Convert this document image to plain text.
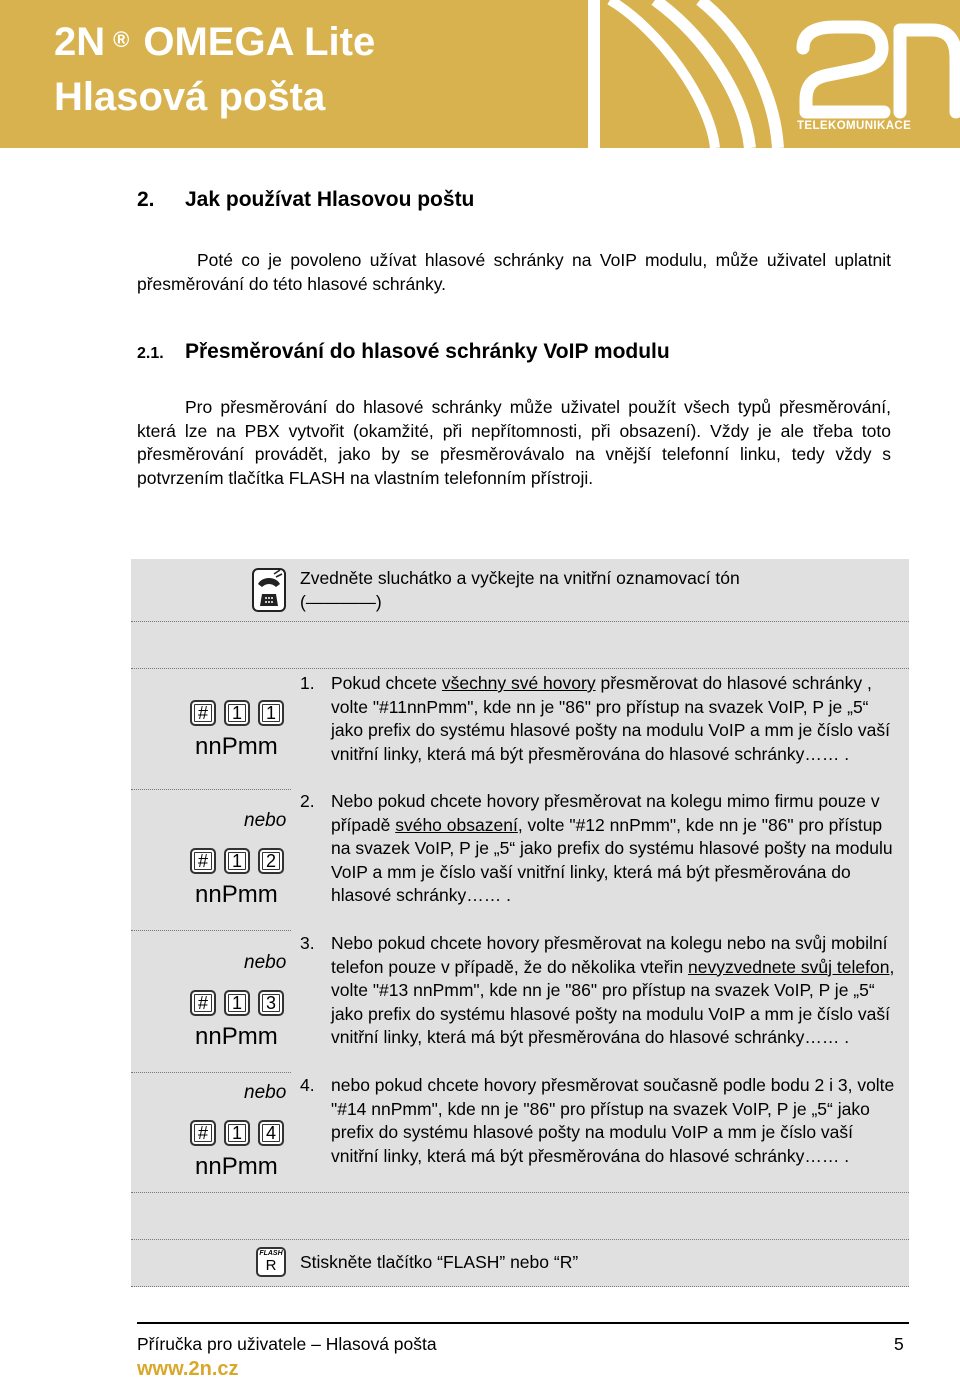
2N ® OMEGA Lite
Hlasová pošta
TELEKOMUNIKACE
2. Jak používat Hlasovou poštu
Poté co je povoleno užívat hlasové schránky na VoIP modulu, může uživatel uplatnit přesměrování do této hlasové schránky.
2.1. Přesměrování do hlasové schránky VoIP modulu
Pro přesměrování do hlasové schránky může uživatel použít všech typů přesměrování, která lze na PBX vytvořit (okamžité, při nepřítomnosti, při obsazení). Vždy je ale třeba toto přesměrování provádět, jako by se přesměrovávalo na vnější telefonní linku, tedy vždy s potvrzením tlačítka FLASH na vlastním telefonním přístroji.
Zvedněte sluchátko a vyčkejte na vnitřní oznamovací tón
(————)
#	1	1
nnPmm
1. Pokud chcete všechny své hovory přesměrovat do hlasové schránky , volte "#11nnPmm", kde nn je "86" pro přístup na svazek VoIP, P je „5“ jako prefix do systému hlasové pošty na modulu VoIP a mm je číslo vaší vnitřní linky, která má být přesměrována do hlasové schránky…… .
nebo
#	1	2
nnPmm
2. Nebo pokud chcete hovory přesměrovat na kolegu mimo firmu pouze v případě svého obsazení, volte "#12 nnPmm", kde nn je "86" pro přístup na svazek VoIP, P je „5“ jako prefix do systému hlasové pošty na modulu VoIP a mm je číslo vaší vnitřní linky, která má být přesměrována do hlasové schránky…… .
nebo
#	1	3
nnPmm
3. Nebo pokud chcete hovory přesměrovat na kolegu nebo na svůj mobilní telefon pouze v případě, že do několika vteřin nevyzvednete svůj telefon, volte "#13 nnPmm", kde nn je "86" pro přístup na svazek VoIP, P je „5“ jako prefix do systému hlasové pošty na modulu VoIP a mm je číslo vaší vnitřní linky, která má být přesměrována do hlasové schránky…… .
nebo
#	1	4
nnPmm
4. nebo pokud chcete hovory přesměrovat současně podle bodu 2 i 3, volte "#14 nnPmm", kde nn je "86" pro přístup na svazek VoIP, P je „5“ jako prefix do systému hlasové pošty na modulu VoIP a mm je číslo vaší vnitřní linky, která má být přesměrována do hlasové schránky…… .
FLASH
R	Stiskněte tlačítko “FLASH” nebo “R”
Příručka pro uživatele – Hlasová pošta	5
www.2n.cz
